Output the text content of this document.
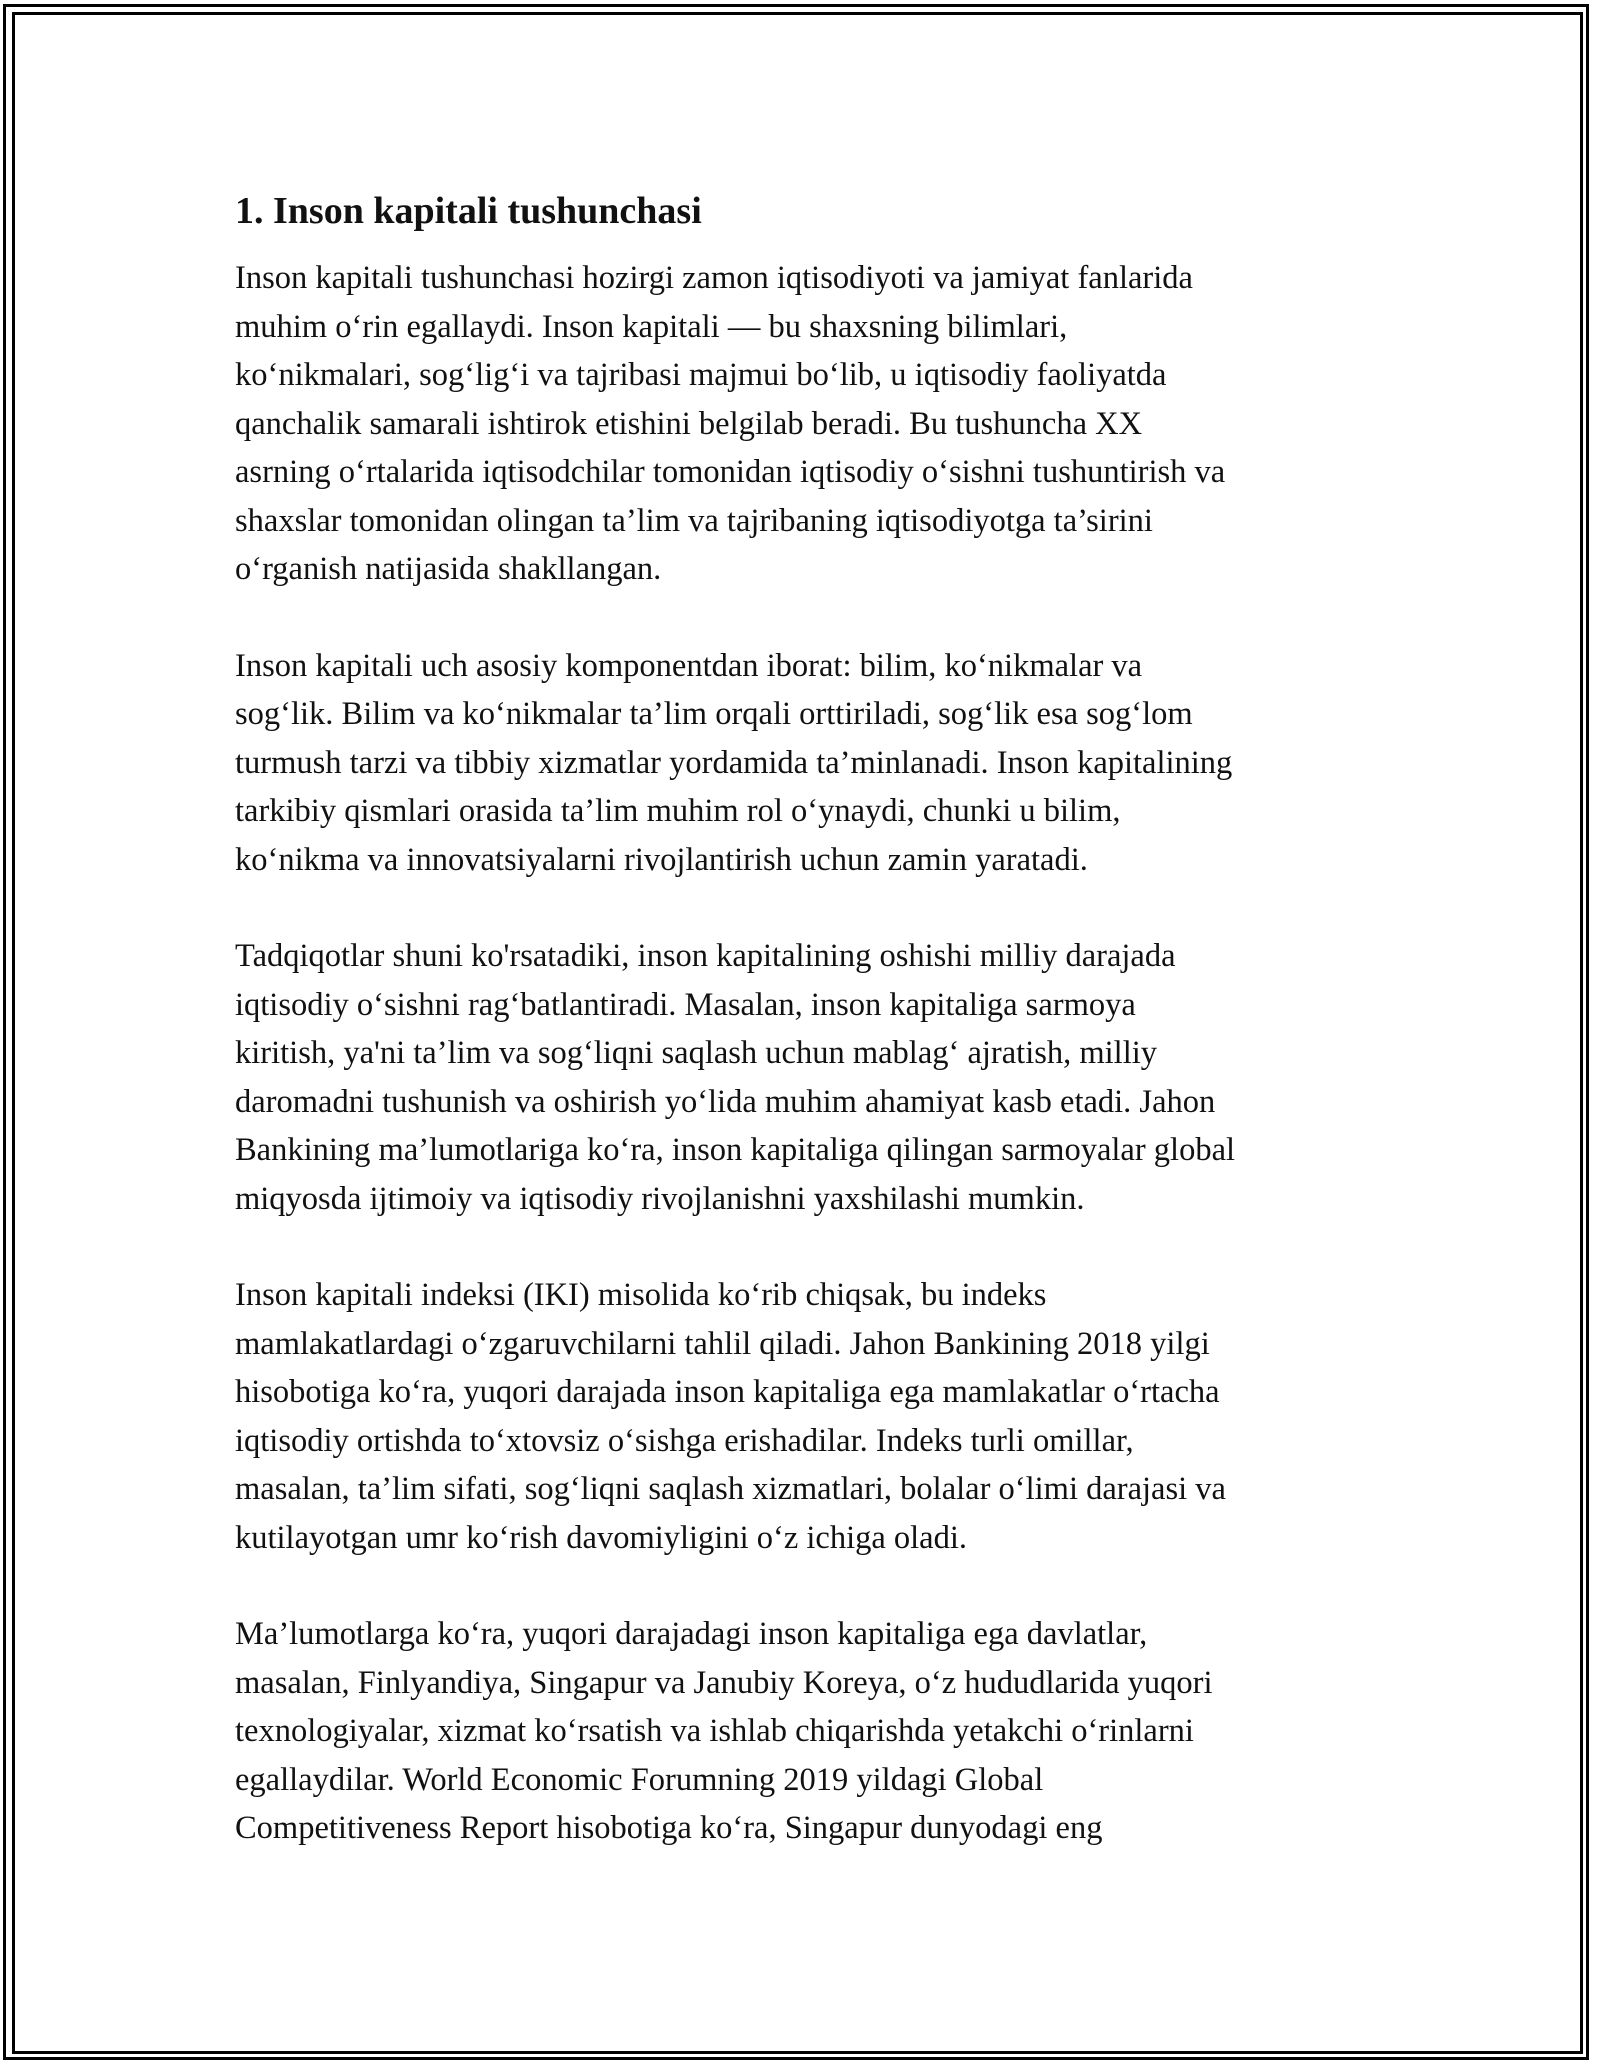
1. Inson kapitali tushunchasi

Inson kapitali tushunchasi hozirgi zamon iqtisodiyoti va jamiyat fanlarida
muhim o‘rin egallaydi. Inson kapitali — bu shaxsning bilimlari,
ko‘nikmalari, sog‘lig‘i va tajribasi majmui bo‘lib, u iqtisodiy faoliyatda
qanchalik samarali ishtirok etishini belgilab beradi. Bu tushuncha XX
asrning o‘rtalarida iqtisodchilar tomonidan iqtisodiy o‘sishni tushuntirish va
shaxslar tomonidan olingan ta’lim va tajribaning iqtisodiyotga ta’sirini
o‘rganish natijasida shakllangan.

Inson kapitali uch asosiy komponentdan iborat: bilim, ko‘nikmalar va
sog‘lik. Bilim va ko‘nikmalar ta’lim orqali orttiriladi, sog‘lik esa sog‘lom
turmush tarzi va tibbiy xizmatlar yordamida ta’minlanadi. Inson kapitalining
tarkibiy qismlari orasida ta’lim muhim rol o‘ynaydi, chunki u bilim,
ko‘nikma va innovatsiyalarni rivojlantirish uchun zamin yaratadi.

Tadqiqotlar shuni ko'rsatadiki, inson kapitalining oshishi milliy darajada
iqtisodiy o‘sishni rag‘batlantiradi. Masalan, inson kapitaliga sarmoya
kiritish, ya'ni ta’lim va sog‘liqni saqlash uchun mablag‘ ajratish, milliy
daromadni tushunish va oshirish yo‘lida muhim ahamiyat kasb etadi. Jahon
Bankining ma’lumotlariga ko‘ra, inson kapitaliga qilingan sarmoyalar global
miqyosda ijtimoiy va iqtisodiy rivojlanishni yaxshilashi mumkin.

Inson kapitali indeksi (IKI) misolida ko‘rib chiqsak, bu indeks
mamlakatlardagi o‘zgaruvchilarni tahlil qiladi. Jahon Bankining 2018 yilgi
hisobotiga ko‘ra, yuqori darajada inson kapitaliga ega mamlakatlar o‘rtacha
iqtisodiy ortishda to‘xtovsiz o‘sishga erishadilar. Indeks turli omillar,
masalan, ta’lim sifati, sog‘liqni saqlash xizmatlari, bolalar o‘limi darajasi va
kutilayotgan umr ko‘rish davomiyligini o‘z ichiga oladi.

Ma’lumotlarga ko‘ra, yuqori darajadagi inson kapitaliga ega davlatlar,
masalan, Finlyandiya, Singapur va Janubiy Koreya, o‘z hududlarida yuqori
texnologiyalar, xizmat ko‘rsatish va ishlab chiqarishda yetakchi o‘rinlarni
egallaydilar. World Economic Forumning 2019 yildagi Global
Competitiveness Report hisobotiga ko‘ra, Singapur dunyodagi eng
